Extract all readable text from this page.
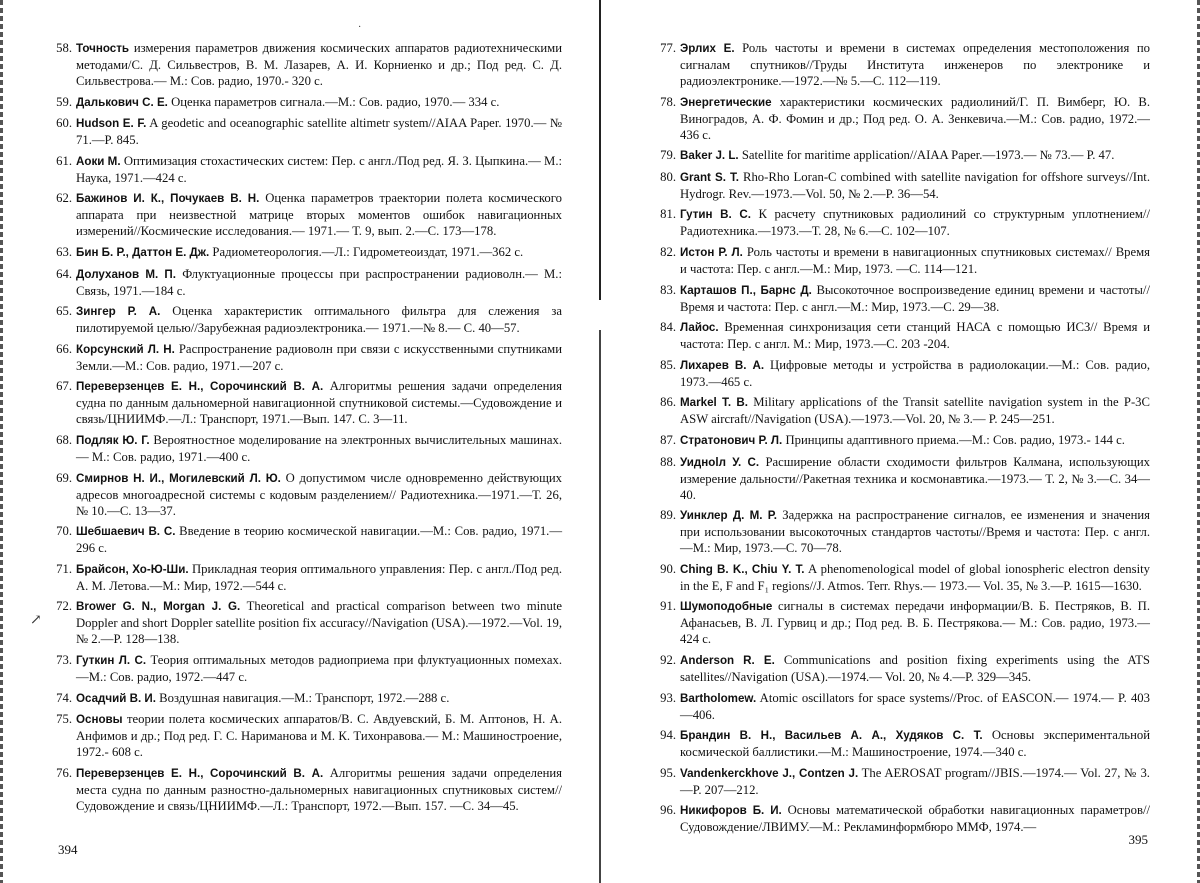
·
↗
58. Точность измерения параметров движения космических аппаратов радиотехническими методами/С. Д. Сильвестров, В. М. Лазарев, А. И. Корниенко и др.; Под ред. С. Д. Сильвестрова.— М.: Сов. радио, 1970.- 320 с.
59. Далькович С. Е. Оценка параметров сигнала.—М.: Сов. радио, 1970.— 334 с.
60. Hudson E. F. A geodetic and oceanographic satellite altimetr system//AIAA Paper. 1970.— № 71.—P. 845.
61. Аоки М. Оптимизация стохастических систем: Пер. с англ./Под ред. Я. З. Цыпкина.— М.: Наука, 1971.—424 с.
62. Бажинов И. К., Почукаев В. Н. Оценка параметров траектории полета космического аппарата при неизвестной матрице вторых моментов ошибок навигационных измерений//Космические исследования.— 1971.— Т. 9, вып. 2.—С. 173—178.
63. Бин Б. Р., Даттон Е. Дж. Радиометеорология.—Л.: Гидрометеоиздат, 1971.—362 с.
64. Долуханов М. П. Флуктуационные процессы при распространении радиоволн.— М.: Связь, 1971.—184 с.
65. Зингер Р. А. Оценка характеристик оптимального фильтра для слежения за пилотируемой целью//Зарубежная радиоэлектроника.— 1971.—№ 8.— С. 40—57.
66. Корсунский Л. Н. Распространение радиоволн при связи с искусственными спутниками Земли.—М.: Сов. радио, 1971.—207 с.
67. Переверзенцев Е. Н., Сорочинский В. А. Алгоритмы решения задачи определения судна по данным дальномерной навигационной спутниковой системы.—Судовождение и связь/ЦНИИМФ.—Л.: Транспорт, 1971.—Вып. 147. С. 3—11.
68. Подляк Ю. Г. Вероятностное моделирование на электронных вычислительных машинах.— М.: Сов. радио, 1971.—400 с.
69. Смирнов Н. И., Могилевский Л. Ю. О допустимом числе одновременно действующих адресов многоадресной системы с кодовым разделением// Радиотехника.—1971.—Т. 26, № 10.—С. 13—37.
70. Шебшаевич В. С. Введение в теорию космической навигации.—М.: Сов. радио, 1971.—296 с.
71. Брайсон, Хо-Ю-Ши. Прикладная теория оптимального управления: Пер. с англ./Под ред. А. М. Летова.—М.: Мир, 1972.—544 с.
72. Brower G. N., Morgan J. G. Theoretical and practical comparison between two minute Doppler and short Doppler satellite position fix accuracy//Navigation (USA).—1972.—Vol. 19, № 2.—P. 128—138.
73. Гуткин Л. С. Теория оптимальных методов радиоприема при флуктуационных помехах.—М.: Сов. радио, 1972.—447 с.
74. Осадчий В. И. Воздушная навигация.—М.: Транспорт, 1972.—288 с.
75. Основы теории полета космических аппаратов/В. С. Авдуевский, Б. М. Аптонов, Н. А. Анфимов и др.; Под ред. Г. С. Нариманова и М. К. Тихонравова.— М.: Машиностроение, 1972.- 608 с.
76. Переверзенцев Е. Н., Сорочинский В. А. Алгоритмы решения задачи определения места судна по данным разностно-дальномерных навигационных спутниковых систем//Судовождение и связь/ЦНИИМФ.—Л.: Транспорт, 1972.—Вып. 157. —С. 34—45.
394
77. Эрлих Е. Роль частоты и времени в системах определения местоположения по сигналам спутников//Труды Института инженеров по электронике и радиоэлектронике.—1972.—№ 5.—С. 112—119.
78. Энергетические характеристики космических радиолиний/Г. П. Вимберг, Ю. В. Виноградов, А. Ф. Фомин и др.; Под ред. О. А. Зенкевича.—М.: Сов. радио, 1972.—436 с.
79. Baker J. L. Satellite for maritime application//AIAA Paper.—1973.— № 73.— P. 47.
80. Grant S. T. Rho-Rho Loran-C combined with satellite navigation for offshore surveys//Int. Hydrogr. Rev.—1973.—Vol. 50, № 2.—P. 36—54.
81. Гутин В. С. К расчету спутниковых радиолиний со структурным уплотнением// Радиотехника.—1973.—Т. 28, № 6.—С. 102—107.
82. Истон Р. Л. Роль частоты и времени в навигационных спутниковых системах// Время и частота: Пер. с англ.—М.: Мир, 1973. —С. 114—121.
83. Карташов П., Барнс Д. Высокоточное воспроизведение единиц времени и частоты//Время и частота: Пер. с англ.—М.: Мир, 1973.—С. 29—38.
84. Лайос. Временная синхронизация сети станций НАСА с помощью ИСЗ// Время и частота: Пер. с англ. М.: Мир, 1973.—С. 203 -204.
85. Лихарев В. А. Цифровые методы и устройства в радиолокации.—М.: Сов. радио, 1973.—465 с.
86. Markel T. B. Military applications of the Transit satellite navigation system in the P-3C ASW aircraft//Navigation (USA).—1973.—Vol. 20, № 3.— P. 245—251.
87. Стратонович Р. Л. Принципы адаптивного приема.—М.: Сов. радио, 1973.- 144 с.
88. Уидноlл У. С. Расширение области сходимости фильтров Калмана, использующих измерение дальности//Ракетная техника и космонавтика.—1973.— Т. 2, № 3.—С. 34—40.
89. Уинклер Д. М. Р. Задержка на распространение сигналов, ее изменения и значения при использовании высокоточных стандартов частоты//Время и частота: Пер. с англ.—М.: Мир, 1973.—С. 70—78.
90. Ching B. K., Chiu Y. T. A phenomenological model of global ionospheric electron density in the E, F and F₁ regions//J. Atmos. Terr. Rhys.— 1973.— Vol. 35, № 3.—P. 1615—1630.
91. Шумоподобные сигналы в системах передачи информации/В. Б. Пестряков, В. П. Афанасьев, В. Л. Гурвиц и др.; Под ред. В. Б. Пестрякова.— М.: Сов. радио, 1973.—424 с.
92. Anderson R. E. Communications and position fixing experiments using the ATS satellites//Navigation (USA).—1974.— Vol. 20, № 4.—P. 329—345.
93. Bartholomew. Atomic oscillators for space systems//Proc. of EASCON.— 1974.— P. 403—406.
94. Брандин В. Н., Васильев А. А., Худяков С. Т. Основы экспериментальной космической баллистики.—М.: Машиностроение, 1974.—340 с.
95. Vandenkerckhove J., Contzen J. The AEROSAT program//JBIS.—1974.— Vol. 27, № 3.—P. 207—212.
96. Никифоров Б. И. Основы математической обработки навигационных параметров//Судовождение/ЛВИМУ.—М.: Рекламинформбюро ММФ, 1974.—
395
